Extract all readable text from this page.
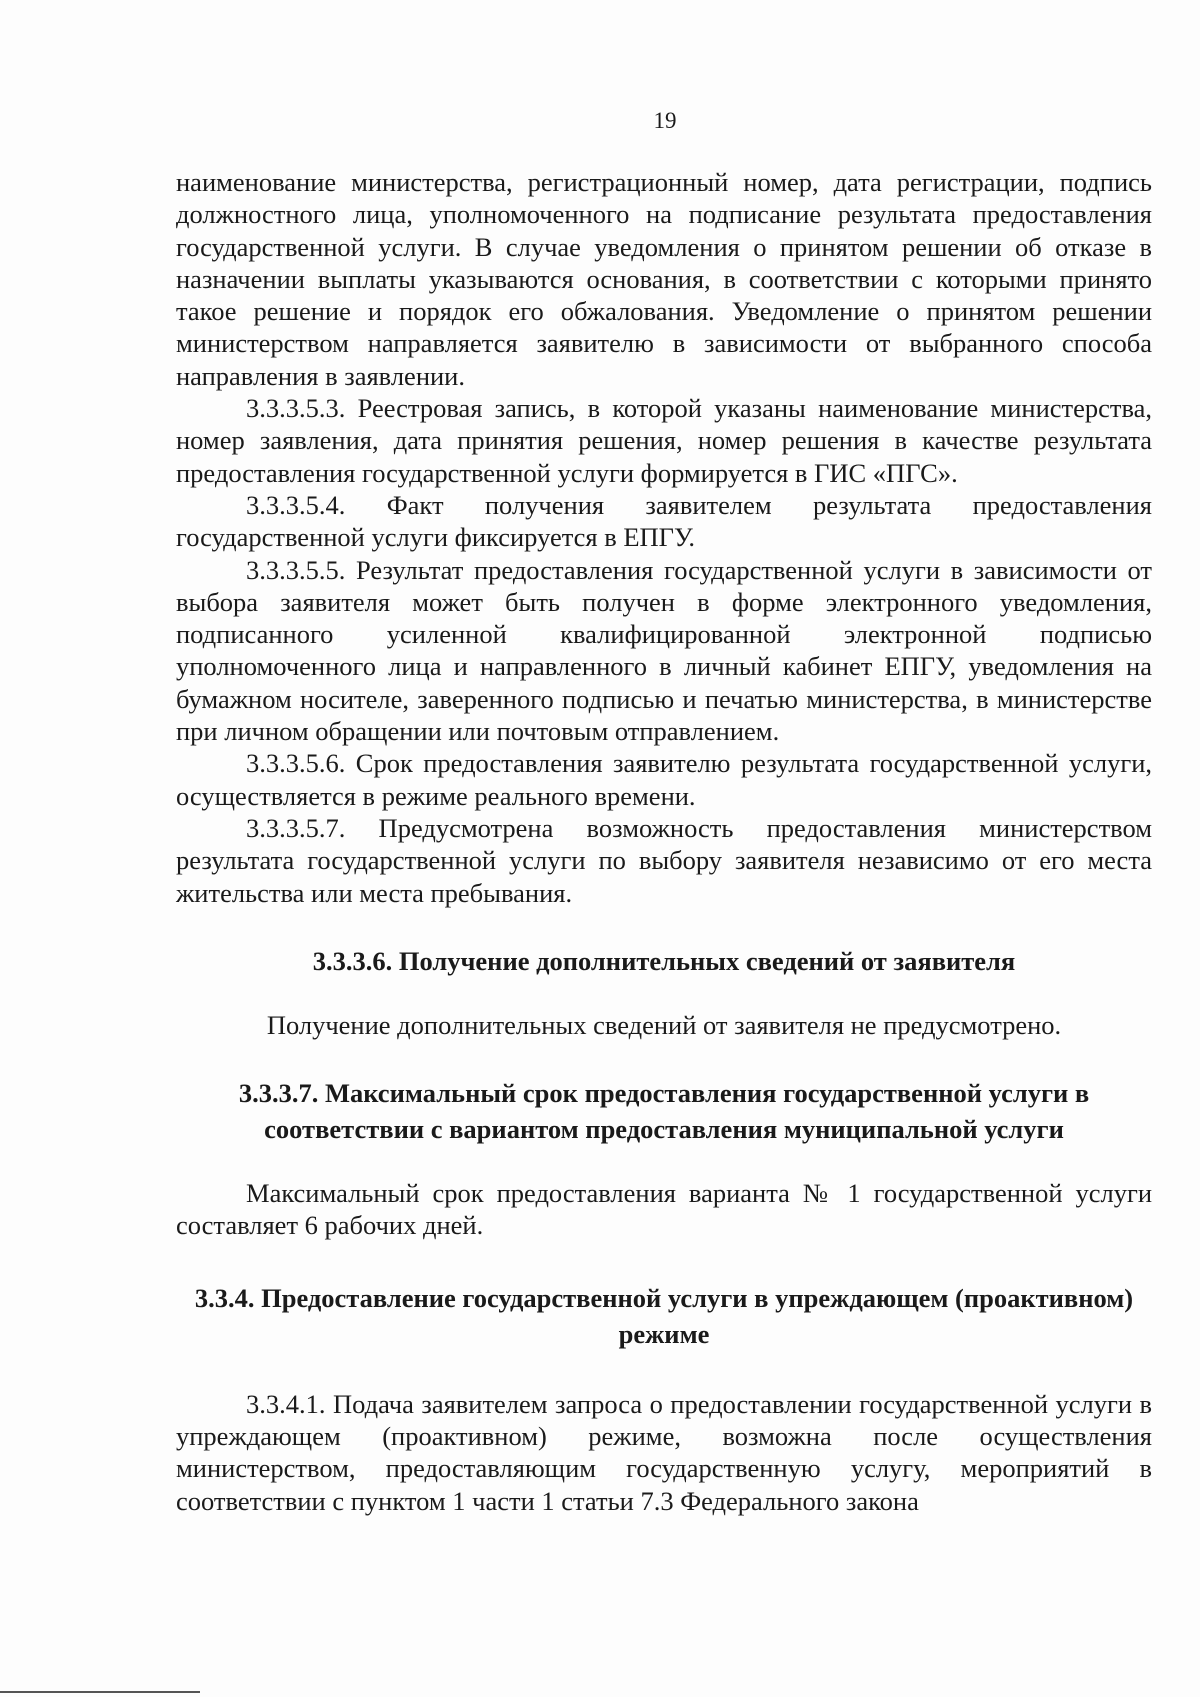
19

наименование министерства, регистрационный номер, дата регистрации, подпись должностного лица, уполномоченного на подписание результата предоставления государственной услуги. В случае уведомления о принятом решении об отказе в назначении выплаты указываются основания, в соответствии с которыми принято такое решение и порядок его обжалования. Уведомление о принятом решении министерством направляется заявителю в зависимости от выбранного способа направления в заявлении.

3.3.3.5.3. Реестровая запись, в которой указаны наименование министерства, номер заявления, дата принятия решения, номер решения в качестве результата предоставления государственной услуги формируется в ГИС «ПГС».

3.3.3.5.4. Факт получения заявителем результата предоставления государственной услуги фиксируется в ЕПГУ.

3.3.3.5.5. Результат предоставления государственной услуги в зависимости от выбора заявителя может быть получен в форме электронного уведомления, подписанного усиленной квалифицированной электронной подписью уполномоченного лица и направленного в личный кабинет ЕПГУ, уведомления на бумажном носителе, заверенного подписью и печатью министерства, в министерстве при личном обращении или почтовым отправлением.

3.3.3.5.6. Срок предоставления заявителю результата государственной услуги, осуществляется в режиме реального времени.

3.3.3.5.7. Предусмотрена возможность предоставления министерством результата государственной услуги по выбору заявителя независимо от его места жительства или места пребывания.

3.3.3.6. Получение дополнительных сведений от заявителя

Получение дополнительных сведений от заявителя не предусмотрено.

3.3.3.7. Максимальный срок предоставления государственной услуги в соответствии с вариантом предоставления муниципальной услуги

Максимальный срок предоставления варианта № 1 государственной услуги составляет 6 рабочих дней.

3.3.4. Предоставление государственной услуги в упреждающем (проактивном) режиме

3.3.4.1. Подача заявителем запроса о предоставлении государственной услуги в упреждающем (проактивном) режиме, возможна после осуществления министерством, предоставляющим государственную услугу, мероприятий в соответствии с пунктом 1 части 1 статьи 7.3 Федерального закона
